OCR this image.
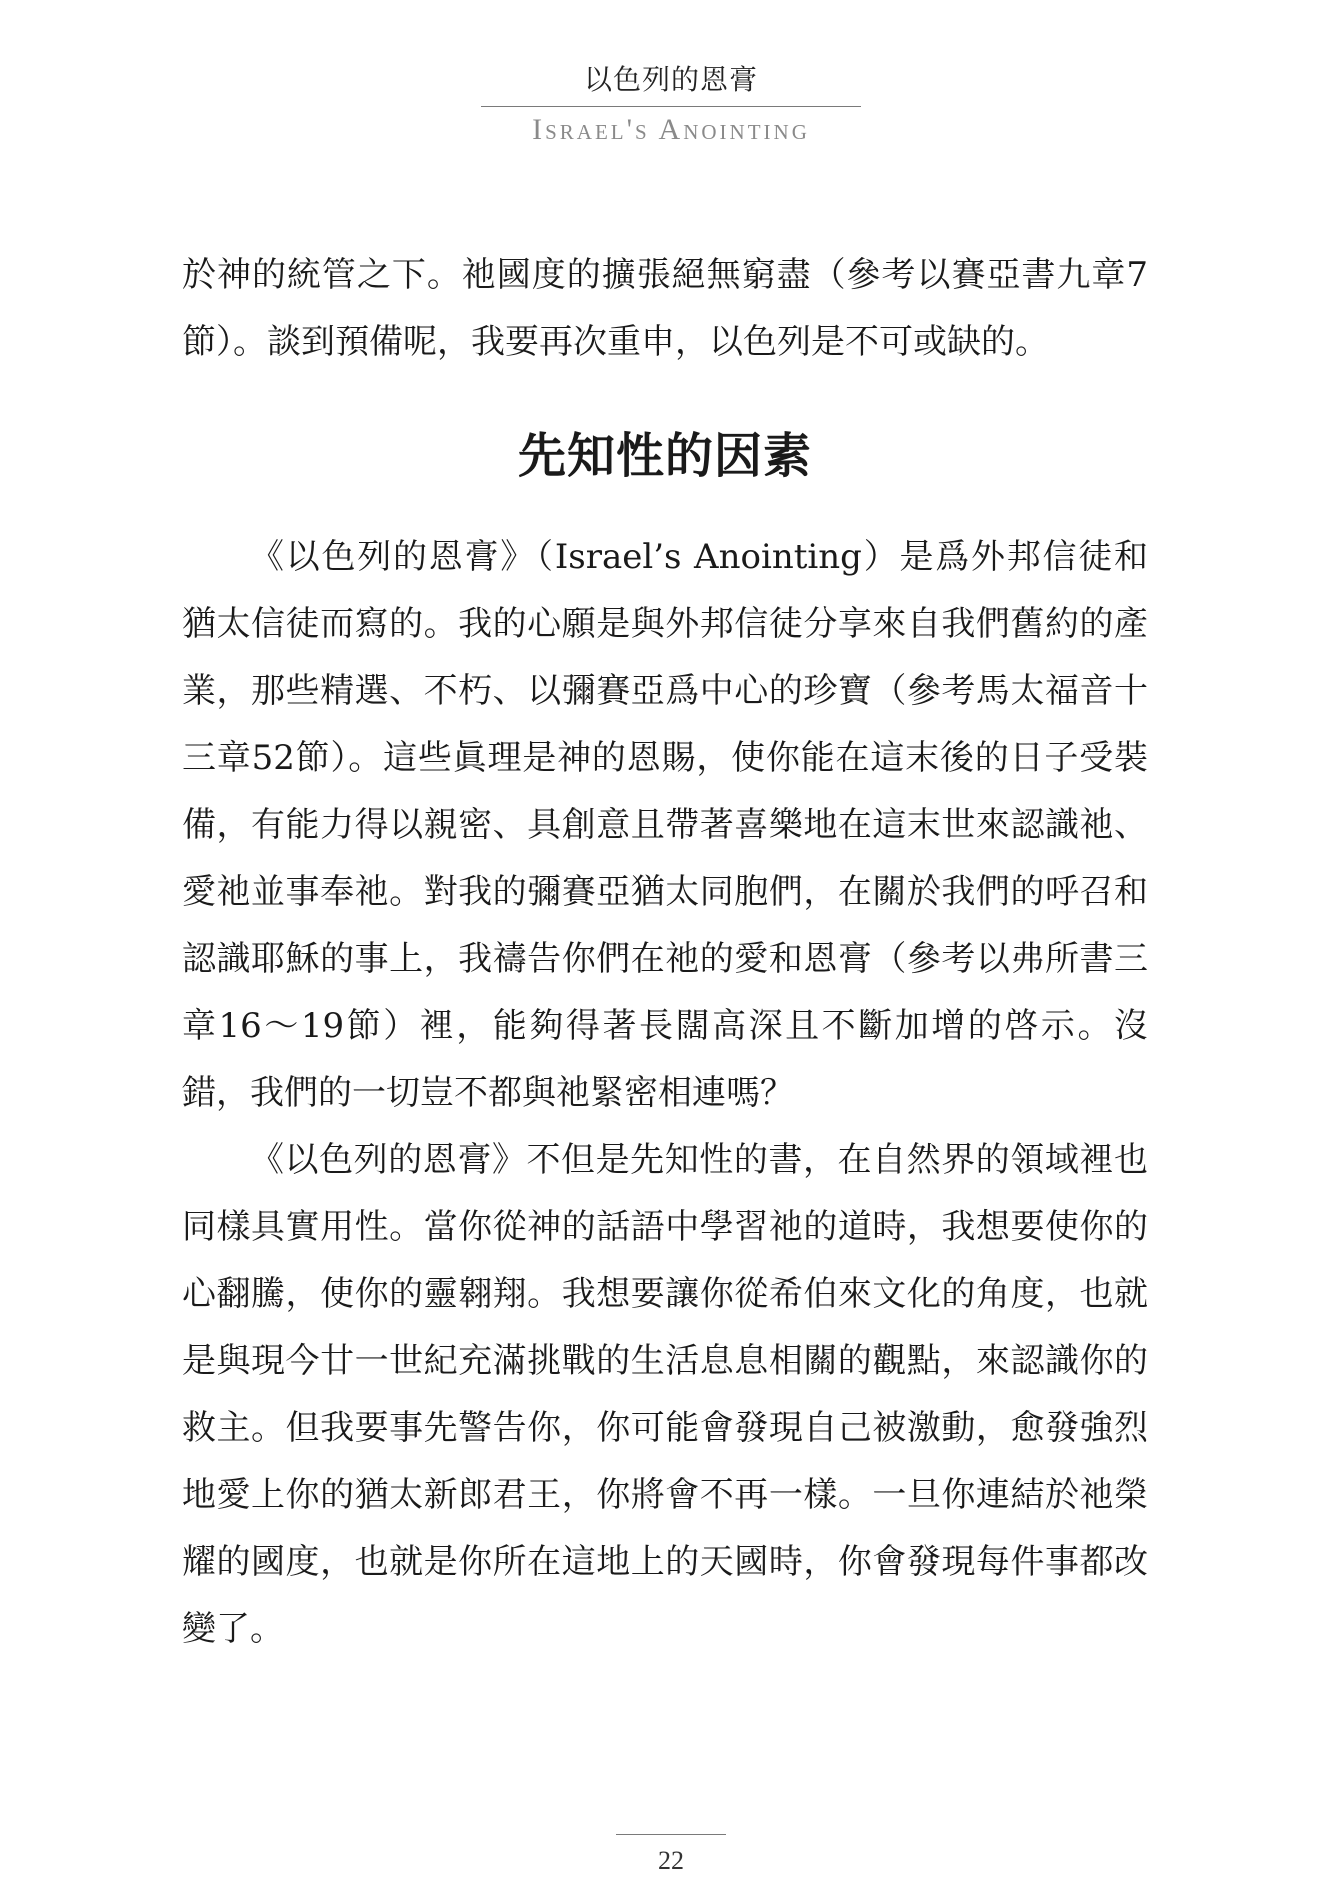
以色列的恩膏
Israel's Anointing

於神的統管之下。祂國度的擴張絕無窮盡（參考以賽亞書九章7節）。談到預備呢，我要再次重申，以色列是不可或缺的。

先知性的因素

《以色列的恩膏》（Israel’s Anointing）是爲外邦信徒和猶太信徒而寫的。我的心願是與外邦信徒分享來自我們舊約的產業，那些精選、不朽、以彌賽亞爲中心的珍寶（參考馬太福音十三章52節）。這些眞理是神的恩賜，使你能在這末後的日子受裝備，有能力得以親密、具創意且帶著喜樂地在這末世來認識祂、愛祂並事奉祂。對我的彌賽亞猶太同胞們，在關於我們的呼召和認識耶穌的事上，我禱告你們在祂的愛和恩膏（參考以弗所書三章16～19節）裡，能夠得著長闊高深且不斷加增的啓示。沒錯，我們的一切豈不都與祂緊密相連嗎？

《以色列的恩膏》不但是先知性的書，在自然界的領域裡也同樣具實用性。當你從神的話語中學習祂的道時，我想要使你的心翻騰，使你的靈翱翔。我想要讓你從希伯來文化的角度，也就是與現今廿一世紀充滿挑戰的生活息息相關的觀點，來認識你的救主。但我要事先警告你，你可能會發現自己被激動，愈發強烈地愛上你的猶太新郎君王，你將會不再一樣。一旦你連結於祂榮耀的國度，也就是你所在這地上的天國時，你會發現每件事都改變了。

22
